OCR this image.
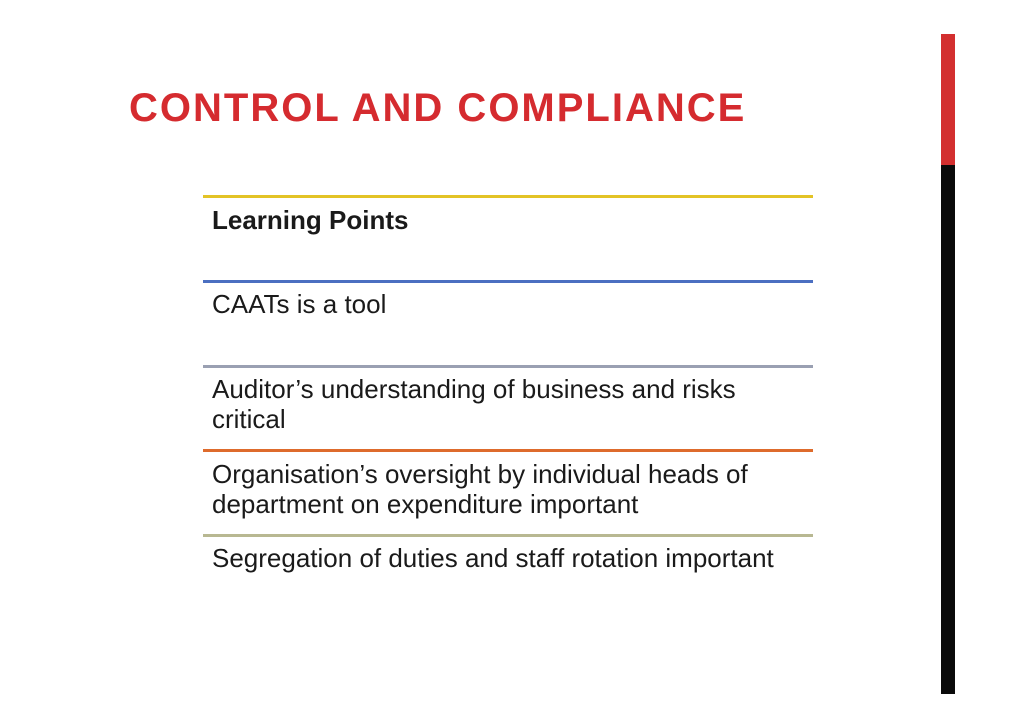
CONTROL AND COMPLIANCE

Learning Points

CAATs is a tool

Auditor’s understanding of business and risks critical

Organisation’s oversight by individual heads of department on expenditure important

Segregation of duties and staff rotation important
